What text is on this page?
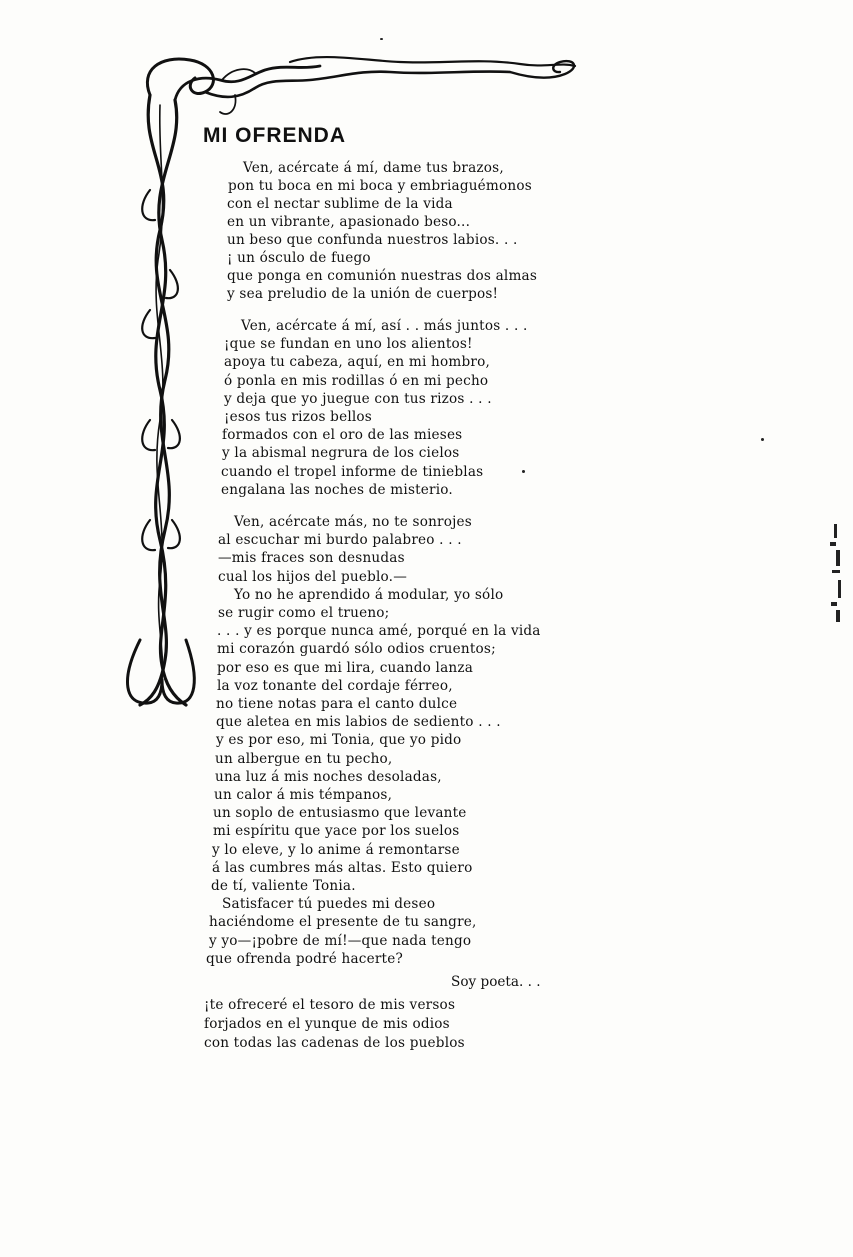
MI OFRENDA
Ven, acércate á mí, dame tus brazos,
pon tu boca en mi boca y embriaguémonos
con el nectar sublime de la vida
en un vibrante, apasionado beso...
un beso que confunda nuestros labios. . .
¡ un ósculo de fuego
que ponga en comunión nuestras dos almas
y sea preludio de la unión de cuerpos!
Ven, acércate á mí, así . . más juntos . . .
¡que se fundan en uno los alientos!
apoya tu cabeza, aquí, en mi hombro,
ó ponla en mis rodillas ó en mi pecho
y deja que yo juegue con tus rizos . . .
¡esos tus rizos bellos
formados con el oro de las mieses
y la abismal negrura de los cielos
cuando el tropel informe de tinieblas
engalana las noches de misterio.
Ven, acércate más, no te sonrojes
al escuchar mi burdo palabreo . . .
—mis fraces son desnudas
cual los hijos del pueblo.—
Yo no he aprendido á modular, yo sólo
se rugir como el trueno;
. . . y es porque nunca amé, porqué en la vida
mi corazón guardó sólo odios cruentos;
por eso es que mi lira, cuando lanza
la voz tonante del cordaje férreo,
no tiene notas para el canto dulce
que aletea en mis labios de sediento . . .
y es por eso, mi Tonia, que yo pido
un albergue en tu pecho,
una luz á mis noches desoladas,
un calor á mis témpanos,
un soplo de entusiasmo que levante
mi espíritu que yace por los suelos
y lo eleve, y lo anime á remontarse
á las cumbres más altas. Esto quiero
de tí, valiente Tonia.
Satisfacer tú puedes mi deseo
haciéndome el presente de tu sangre,
y yo—¡pobre de mí!—que nada tengo
que ofrenda podré hacerte?
¡te ofreceré el tesoro de mis versos
forjados en el yunque de mis odios
con todas las cadenas de los pueblos
Soy poeta. . .
